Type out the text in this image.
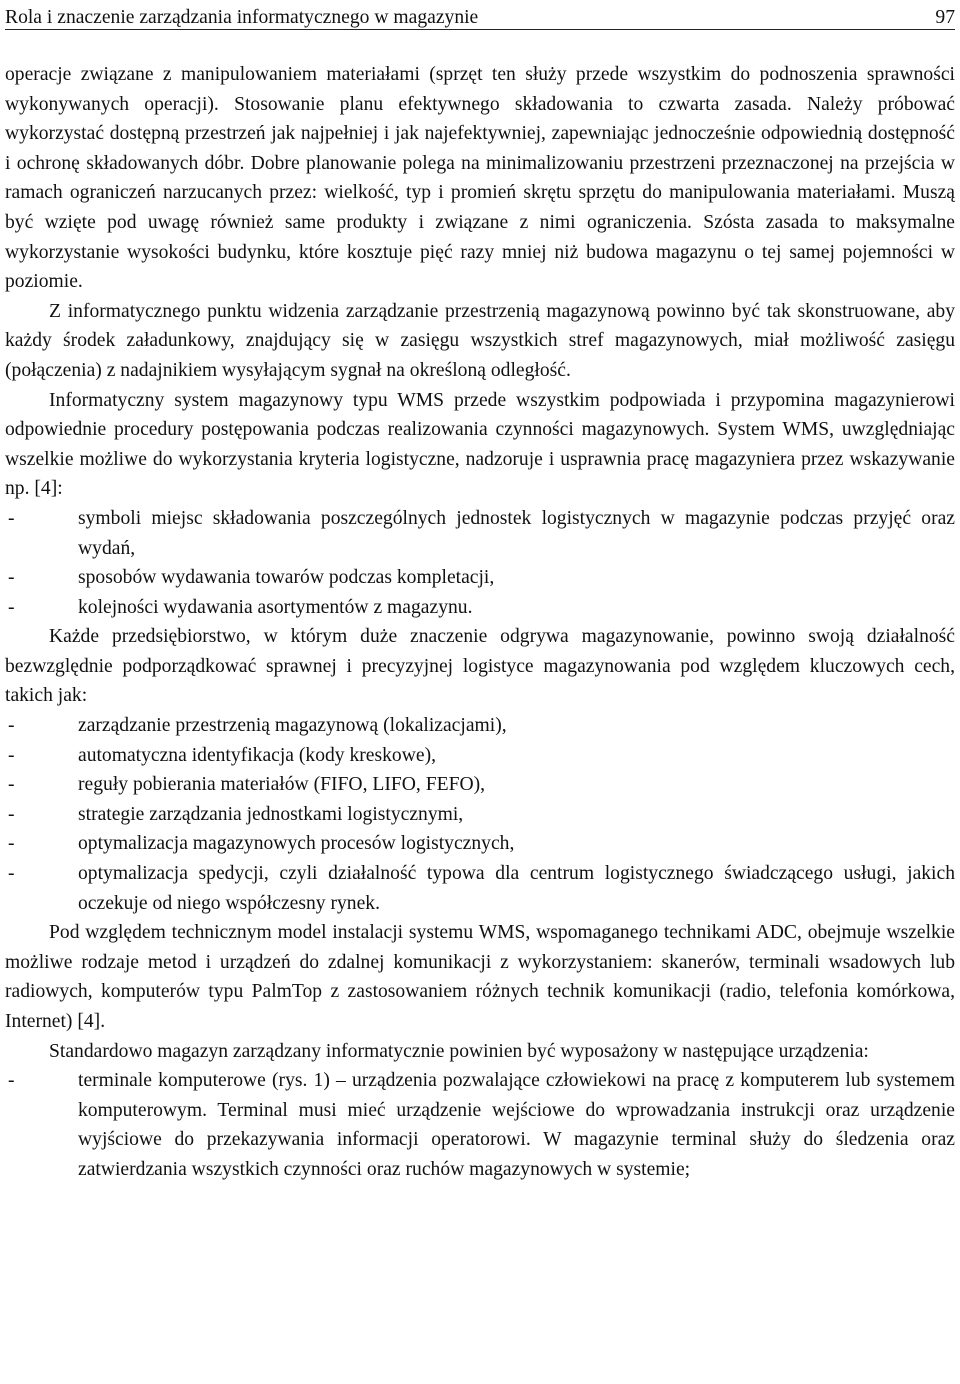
Rola i znaczenie zarządzania informatycznego w magazynie	97

operacje związane z manipulowaniem materiałami (sprzęt ten służy przede wszystkim do podnoszenia sprawności wykonywanych operacji). Stosowanie planu efektywnego składowania to czwarta zasada. Należy próbować wykorzystać dostępną przestrzeń jak najpełniej i jak najefektywniej, zapewniając jednocześnie odpowiednią dostępność i ochronę składowanych dóbr. Dobre planowanie polega na minimalizowaniu przestrzeni przeznaczonej na przejścia w ramach ograniczeń narzucanych przez: wielkość, typ i promień skrętu sprzętu do manipulowania materiałami. Muszą być wzięte pod uwagę również same produkty i związane z nimi ograniczenia. Szósta zasada to maksymalne wykorzystanie wysokości budynku, które kosztuje pięć razy mniej niż budowa magazynu o tej samej pojemności w poziomie.

Z informatycznego punktu widzenia zarządzanie przestrzenią magazynową powinno być tak skonstruowane, aby każdy środek załadunkowy, znajdujący się w zasięgu wszystkich stref magazynowych, miał możliwość zasięgu (połączenia) z nadajnikiem wysyłającym sygnał na określoną odległość.

Informatyczny system magazynowy typu WMS przede wszystkim podpowiada i przypomina magazynierowi odpowiednie procedury postępowania podczas realizowania czynności magazynowych. System WMS, uwzględniając wszelkie możliwe do wykorzystania kryteria logistyczne, nadzoruje i usprawnia pracę magazyniera przez wskazywanie np. [4]:

- symboli miejsc składowania poszczególnych jednostek logistycznych w magazynie podczas przyjęć oraz wydań,
- sposobów wydawania towarów podczas kompletacji,
- kolejności wydawania asortymentów z magazynu.

Każde przedsiębiorstwo, w którym duże znaczenie odgrywa magazynowanie, powinno swoją działalność bezwzględnie podporządkować sprawnej i precyzyjnej logistyce magazynowania pod względem kluczowych cech, takich jak:

- zarządzanie przestrzenią magazynową (lokalizacjami),
- automatyczna identyfikacja (kody kreskowe),
- reguły pobierania materiałów (FIFO, LIFO, FEFO),
- strategie zarządzania jednostkami logistycznymi,
- optymalizacja magazynowych procesów logistycznych,
- optymalizacja spedycji, czyli działalność typowa dla centrum logistycznego świadczącego usługi, jakich oczekuje od niego współczesny rynek.

Pod względem technicznym model instalacji systemu WMS, wspomaganego technikami ADC, obejmuje wszelkie możliwe rodzaje metod i urządzeń do zdalnej komunikacji z wykorzystaniem: skanerów, terminali wsadowych lub radiowych, komputerów typu PalmTop z zastosowaniem różnych technik komunikacji (radio, telefonia komórkowa, Internet) [4].

Standardowo magazyn zarządzany informatycznie powinien być wyposażony w następujące urządzenia:

- terminale komputerowe (rys. 1) – urządzenia pozwalające człowiekowi na pracę z komputerem lub systemem komputerowym. Terminal musi mieć urządzenie wejściowe do wprowadzania instrukcji oraz urządzenie wyjściowe do przekazywania informacji operatorowi. W magazynie terminal służy do śledzenia oraz zatwierdzania wszystkich czynności oraz ruchów magazynowych w systemie;
